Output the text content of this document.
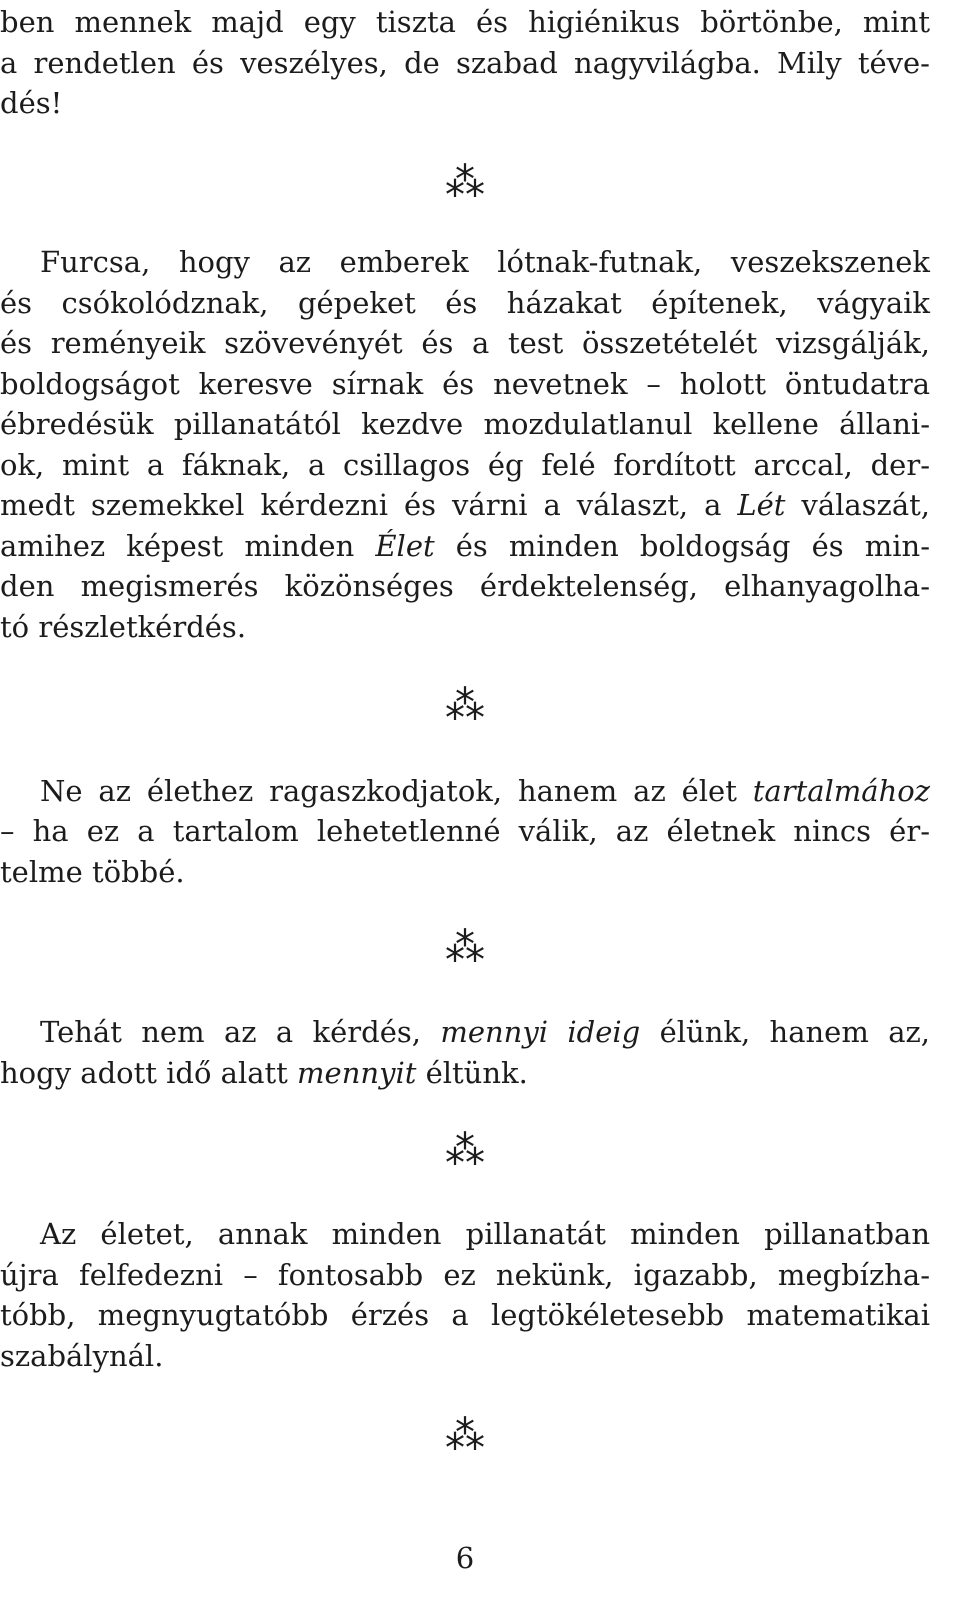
ben mennek majd egy tiszta és higiénikus börtönbe, mint
a rendetlen és veszélyes, de szabad nagyvilágba. Mily téve-
dés!
⁂
Furcsa, hogy az emberek lótnak-futnak, veszekszenek
és csókolódznak, gépeket és házakat építenek, vágyaik
és reményeik szövevényét és a test összetételét vizsgálják,
boldogságot keresve sírnak és nevetnek – holott öntudatra
ébredésük pillanatától kezdve mozdulatlanul kellene állani-
ok, mint a fáknak, a csillagos ég felé fordított arccal, der-
medt szemekkel kérdezni és várni a választ, a Lét válaszát,
amihez képest minden Élet és minden boldogság és min-
den megismerés közönséges érdektelenség, elhanyagolha-
tó részletkérdés.
⁂
Ne az élethez ragaszkodjatok, hanem az élet tartalmához
– ha ez a tartalom lehetetlenné válik, az életnek nincs ér-
telme többé.
⁂
Tehát nem az a kérdés, mennyi ideig élünk, hanem az,
hogy adott idő alatt mennyit éltünk.
⁂
Az életet, annak minden pillanatát minden pillanatban
újra felfedezni – fontosabb ez nekünk, igazabb, megbízha-
tóbb, megnyugtatóbb érzés a legtökéletesebb matematikai
szabálynál.
⁂
6
